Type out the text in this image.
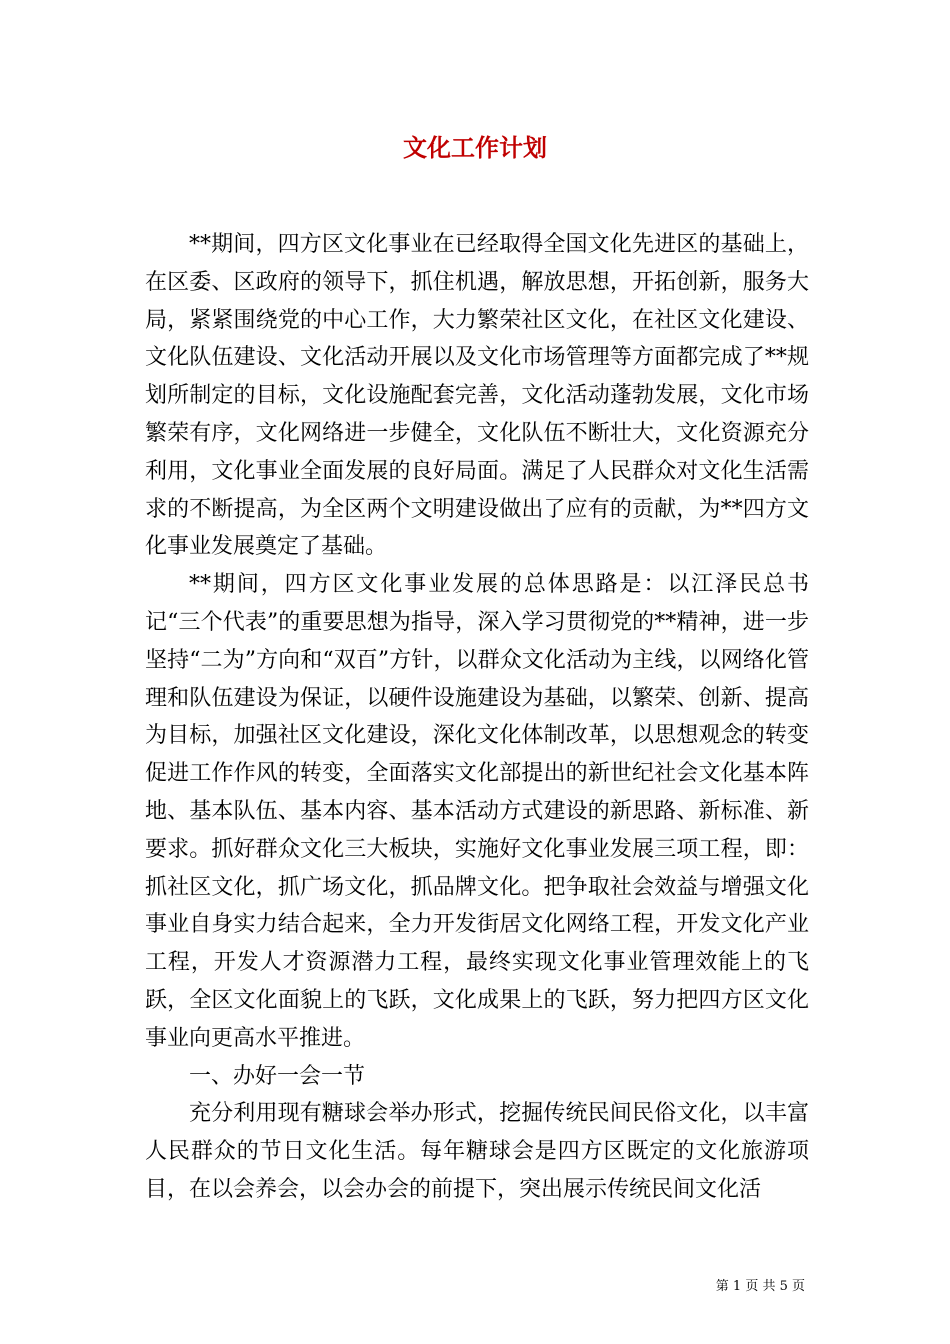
文化工作计划

**期间，四方区文化事业在已经取得全国文化先进区的基础上，在区委、区政府的领导下，抓住机遇，解放思想，开拓创新，服务大局，紧紧围绕党的中心工作，大力繁荣社区文化，在社区文化建设、文化队伍建设、文化活动开展以及文化市场管理等方面都完成了**规划所制定的目标，文化设施配套完善，文化活动蓬勃发展，文化市场繁荣有序，文化网络进一步健全，文化队伍不断壮大，文化资源充分利用，文化事业全面发展的良好局面。满足了人民群众对文化生活需求的不断提高，为全区两个文明建设做出了应有的贡献，为**四方文化事业发展奠定了基础。

**期间，四方区文化事业发展的总体思路是：以江泽民总书记“三个代表”的重要思想为指导，深入学习贯彻党的**精神，进一步坚持“二为”方向和“双百”方针，以群众文化活动为主线，以网络化管理和队伍建设为保证，以硬件设施建设为基础，以繁荣、创新、提高为目标，加强社区文化建设，深化文化体制改革，以思想观念的转变促进工作作风的转变，全面落实文化部提出的新世纪社会文化基本阵地、基本队伍、基本内容、基本活动方式建设的新思路、新标准、新要求。抓好群众文化三大板块，实施好文化事业发展三项工程，即：抓社区文化，抓广场文化，抓品牌文化。把争取社会效益与增强文化事业自身实力结合起来，全力开发街居文化网络工程，开发文化产业工程，开发人才资源潜力工程，最终实现文化事业管理效能上的飞跃，全区文化面貌上的飞跃，文化成果上的飞跃，努力把四方区文化事业向更高水平推进。

一、办好一会一节

充分利用现有糖球会举办形式，挖掘传统民间民俗文化，以丰富人民群众的节日文化生活。每年糖球会是四方区既定的文化旅游项目，在以会养会，以会办会的前提下，突出展示传统民间文化活

第 1 页 共 5 页
